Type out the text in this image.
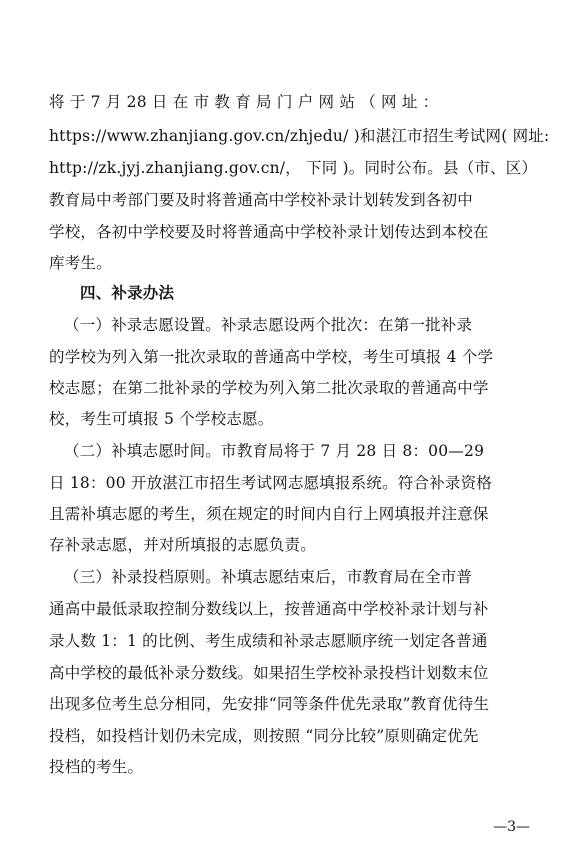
将 于 7 月 28 日 在 市 教 育 局 门 户 网 站 （ 网 址 ：
https://www.zhanjiang.gov.cn/zhjedu/ )和湛江市招生考试网( 网址:
http://zk.jyj.zhanjiang.gov.cn/， 下同 )。同时公布。县（市、区）
教育局中考部门要及时将普通高中学校补录计划转发到各初中
学校，各初中学校要及时将普通高中学校补录计划传达到本校在
库考生。
四、补录办法
（一）补录志愿设置。补录志愿设两个批次：在第一批补录
的学校为列入第一批次录取的普通高中学校，考生可填报 4 个学
校志愿；在第二批补录的学校为列入第二批次录取的普通高中学
校，考生可填报 5 个学校志愿。
（二）补填志愿时间。市教育局将于 7 月 28 日 8：00—29
日 18：00 开放湛江市招生考试网志愿填报系统。符合补录资格
且需补填志愿的考生，须在规定的时间内自行上网填报并注意保
存补录志愿，并对所填报的志愿负责。
（三）补录投档原则。补填志愿结束后，市教育局在全市普
通高中最低录取控制分数线以上，按普通高中学校补录计划与补
录人数 1：1 的比例、考生成绩和补录志愿顺序统一划定各普通
高中学校的最低补录分数线。如果招生学校补录投档计划数末位
出现多位考生总分相同，先安排“同等条件优先录取”教育优待生
投档，如投档计划仍未完成，则按照 “同分比较”原则确定优先
投档的考生。
—3—
